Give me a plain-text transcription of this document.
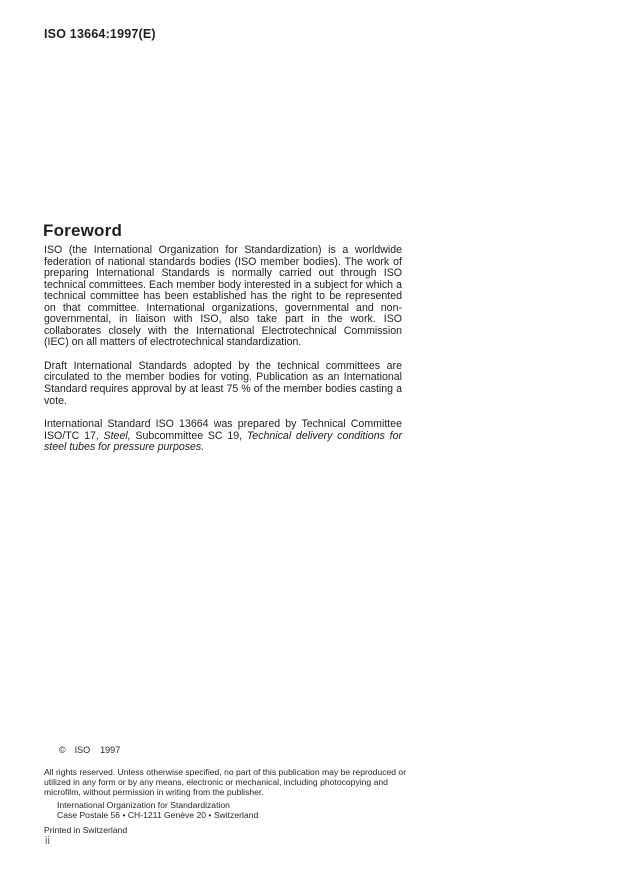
ISO 13664:1997(E)
Foreword

ISO (the International Organization for Standardization) is a worldwide federation of national standards bodies (ISO member bodies). The work of preparing International Standards is normally carried out through ISO technical committees. Each member body interested in a subject for which a technical committee has been established has the right to be represented on that committee. International organizations, governmental and non-governmental, in liaison with ISO, also take part in the work. ISO collaborates closely with the International Electrotechnical Commission (IEC) on all matters of electrotechnical standardization.

Draft International Standards adopted by the technical committees are circulated to the member bodies for voting. Publication as an International Standard requires approval by at least 75 % of the member bodies casting a vote.

International Standard ISO 13664 was prepared by Technical Committee ISO/TC 17, Steel, Subcommittee SC 19, Technical delivery conditions for steel tubes for pressure purposes.

© ISO 1997

All rights reserved. Unless otherwise specified, no part of this publication may be reproduced or utilized in any form or by any means, electronic or mechanical, including photocopying and microfilm, without permission in writing from the publisher.
International Organization for Standardization
Case Postale 56 • CH-1211 Genève 20 • Switzerland
Printed in Switzerland
ii
